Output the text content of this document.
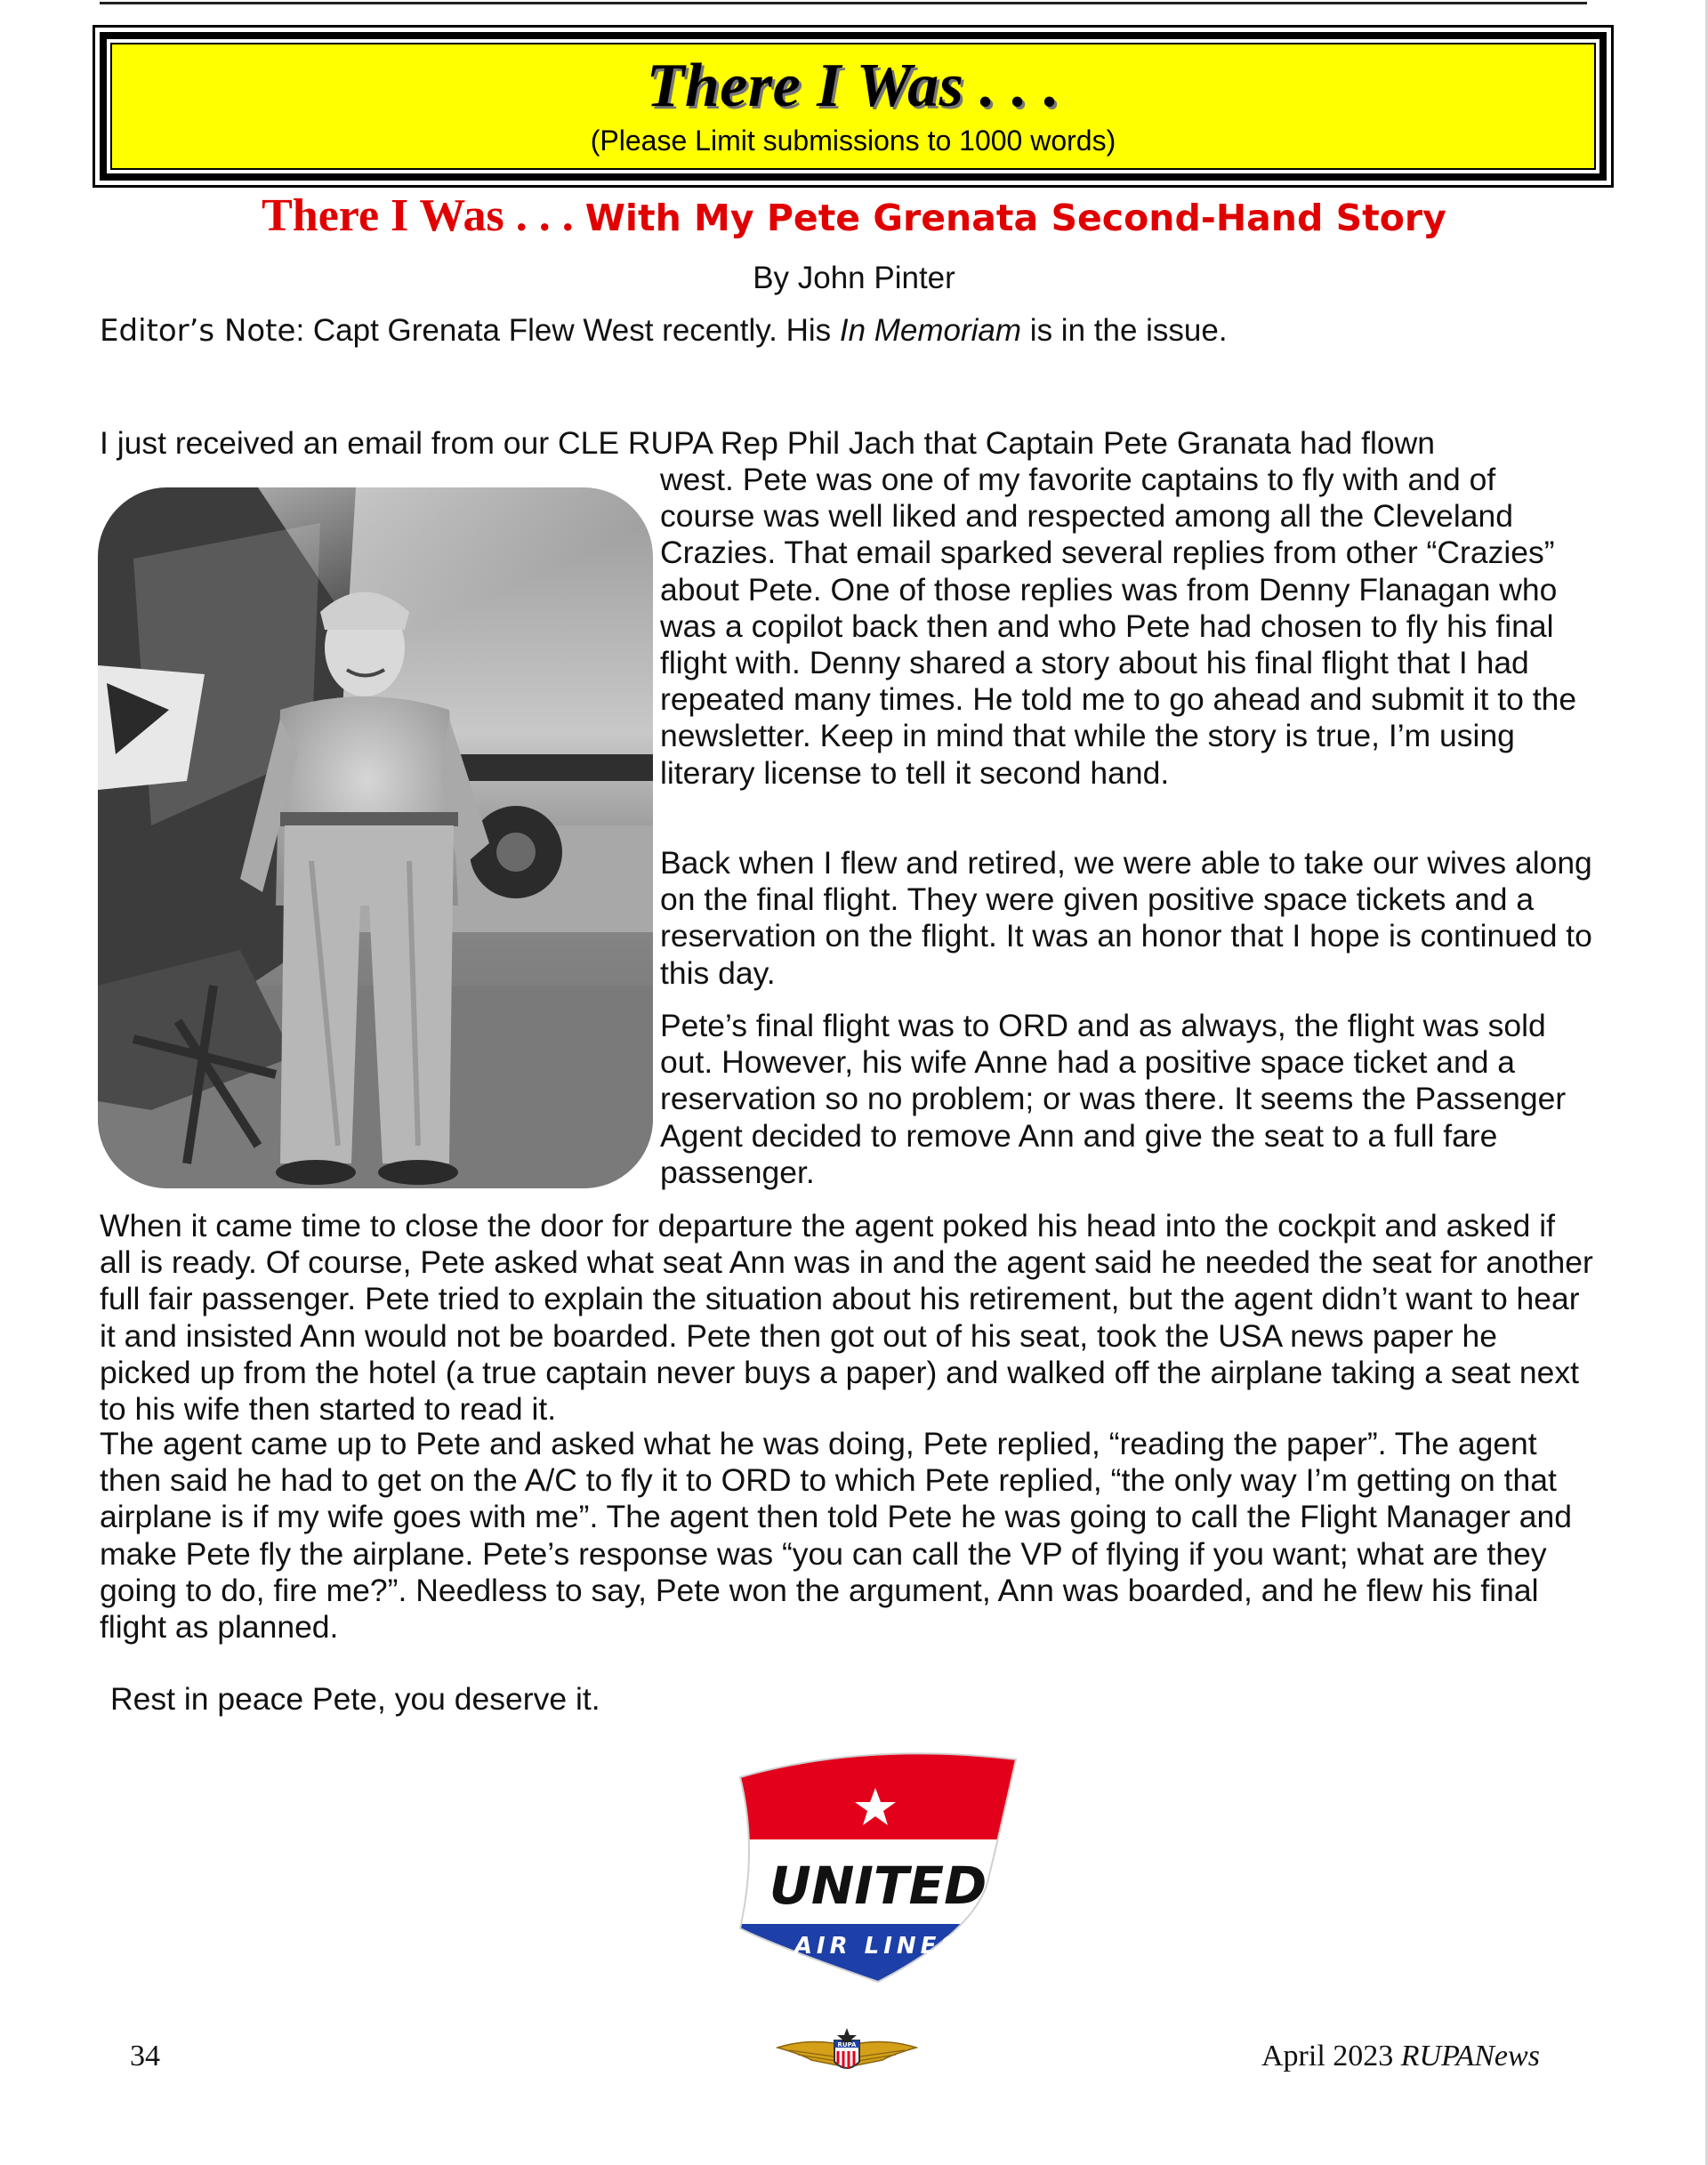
There I Was . . .
(Please Limit submissions to 1000 words)
There I Was . . . With My Pete Grenata Second-Hand Story
By John Pinter
Editor’s Note: Capt Grenata Flew West recently. His In Memoriam is in the issue.

I just received an email from our CLE RUPA Rep Phil Jach that Captain Pete Granata had flown

west. Pete was one of my favorite captains to fly with and of course was well liked and respected among all the Cleveland Crazies. That email sparked several replies from other “Crazies” about Pete. One of those replies was from Denny Flanagan who was a copilot back then and who Pete had chosen to fly his final flight with. Denny shared a story about his final flight that I had repeated many times. He told me to go ahead and submit it to the newsletter. Keep in mind that while the story is true, I’m using literary license to tell it second hand.

Back when I flew and retired, we were able to take our wives along on the final flight. They were given positive space tickets and a reservation on the flight. It was an honor that I hope is continued to this day.

Pete’s final flight was to ORD and as always, the flight was sold out. However, his wife Anne had a positive space ticket and a reservation so no problem; or was there. It seems the Passenger Agent decided to remove Ann and give the seat to a full fare passenger.

When it came time to close the door for departure the agent poked his head into the cockpit and asked if all is ready. Of course, Pete asked what seat Ann was in and the agent said he needed the seat for another full fair passenger. Pete tried to explain the situation about his retirement, but the agent didn’t want to hear it and insisted Ann would not be boarded. Pete then got out of his seat, took the USA news paper he picked up from the hotel (a true captain never buys a paper) and walked off the airplane taking a seat next to his wife then started to read it.

The agent came up to Pete and asked what he was doing, Pete replied, “reading the paper”. The agent then said he had to get on the A/C to fly it to ORD to which Pete replied, “the only way I’m getting on that airplane is if my wife goes with me”. The agent then told Pete he was going to call the Flight Manager and make Pete fly the airplane. Pete’s response was “you can call the VP of flying if you want; what are they going to do, fire me?”. Needless to say, Pete won the argument, Ann was boarded, and he flew his final flight as planned.

Rest in peace Pete, you deserve it.

UNITED
AIR LINES
34	RUPA	April 2023 RUPANews
